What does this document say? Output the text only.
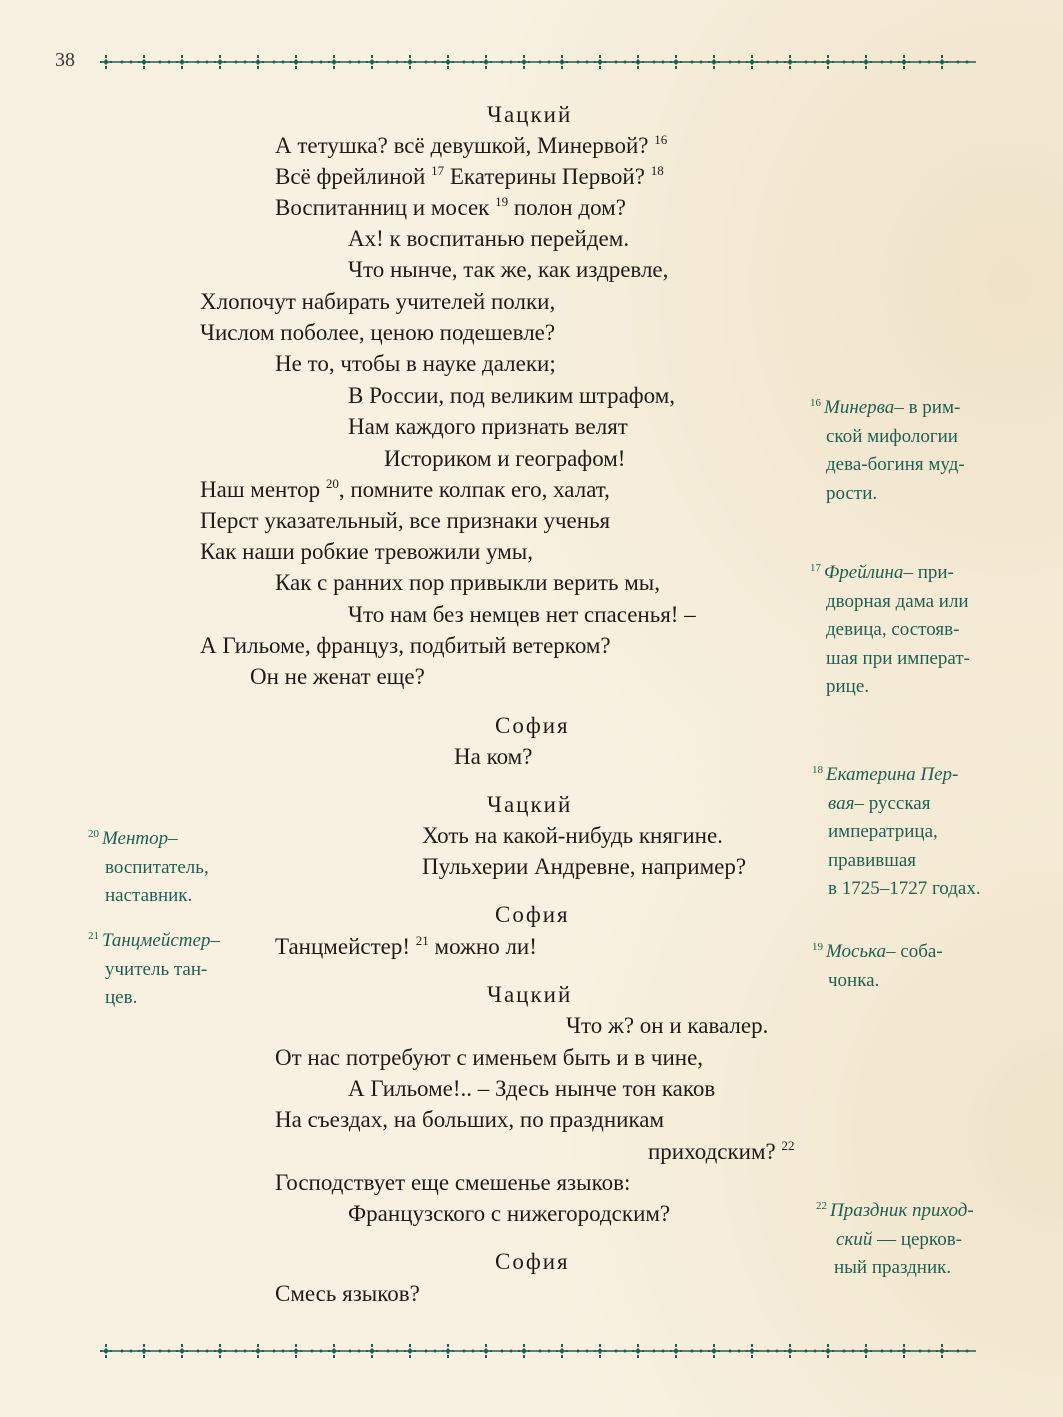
38
Чацкий
А тетушка? всё девушкой, Минервой? $^{16}$
Всё фрейлиной $^{17}$ Екатерины Первой? $^{18}$
Воспитанниц и мосек $^{19}$ полон дом?
Ах! к воспитанью перейдем.
Что нынче, так же, как издревле,
Хлопочут набирать учителей полки,
Числом поболее, ценою подешевле?
Не то, чтобы в науке далеки;
В России, под великим штрафом,
Нам каждого признать велят
Историком и географом!
Наш ментор $^{20}$, помните колпак его, халат,
Перст указательный, все признаки ученья
Как наши робкие тревожили умы,
Как с ранних пор привыкли верить мы,
Что нам без немцев нет спасенья! –
А Гильоме, француз, подбитый ветерком?
Он не женат еще?
София
На ком?
Чацкий
Хоть на какой-нибудь княгине.
Пульхерии Андревне, например?
София
Танцмейстер! $^{21}$ можно ли!
Чацкий
Что ж? он и кавалер.
От нас потребуют с именьем быть и в чине,
А Гильоме!.. – Здесь нынче тон каков
На съездах, на больших, по праздникам
приходским? $^{22}$
Господствует еще смешенье языков:
Французского с нижегородским?
София
Смесь языков?
$^{16}$ Минерва– в рим-
ской мифологии
дева-богиня муд-
рости.
$^{17}$ Фрейлина– при-
дворная дама или
девица, состояв-
шая при императ-
рице.
$^{18}$ Екатерина Пер-
вая– русская
императрица,
правившая
в 1725–1727 годах.
$^{19}$ Моська– соба-
чонка.
$^{22}$ Праздник приход-
ский — церков-
ный праздник.
$^{20}$ Ментор–
воспитатель,
наставник.
$^{21}$ Танцмейстер–
учитель тан-
цев.
